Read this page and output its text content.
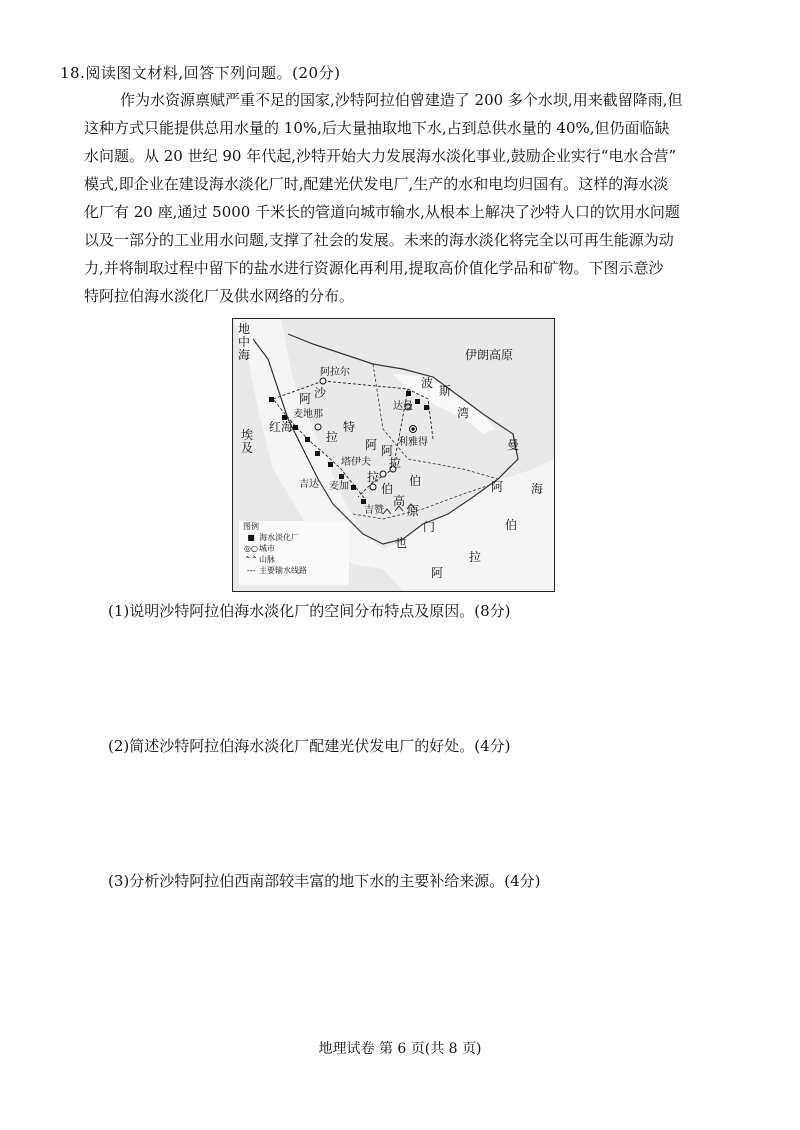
18.阅读图文材料,回答下列问题。(20分)
作为水资源禀赋严重不足的国家,沙特阿拉伯曾建造了 200 多个水坝,用来截留降雨,但
这种方式只能提供总用水量的 10%,后大量抽取地下水,占到总供水量的 40%,但仍面临缺
水问题。从 20 世纪 90 年代起,沙特开始大力发展海水淡化事业,鼓励企业实行“电水合营”
模式,即企业在建设海水淡化厂时,配建光伏发电厂,生产的水和电均归国有。这样的海水淡
化厂有 20 座,通过 5000 千米长的管道向城市输水,从根本上解决了沙特人口的饮用水问题
以及一部分的工业用水问题,支撑了社会的发展。未来的海水淡化将完全以可再生能源为动
力,并将制取过程中留下的盐水进行资源化再利用,提取高价值化学品和矿物。下图示意沙
特阿拉伯海水淡化厂及供水网络的分布。
地中海	伊朗高原
埃及
红海
阿拉尔
波
斯
湾
达曼
利雅得
麦地那
塔伊夫
吉达 麦加
吉赞
沙
特
阿
拉
伯
阿
拉
阿
拉
伯
高
原
也
门
曼
阿
拉
伯
海
阿
图例
■ 海水淡化厂
◎○ 城市
⌃⌃ 山脉
--- 主要输水线路
(1)说明沙特阿拉伯海水淡化厂的空间分布特点及原因。(8分)
(2)简述沙特阿拉伯海水淡化厂配建光伏发电厂的好处。(4分)
(3)分析沙特阿拉伯西南部较丰富的地下水的主要补给来源。(4分)
地理试卷 第 6 页(共 8 页)
